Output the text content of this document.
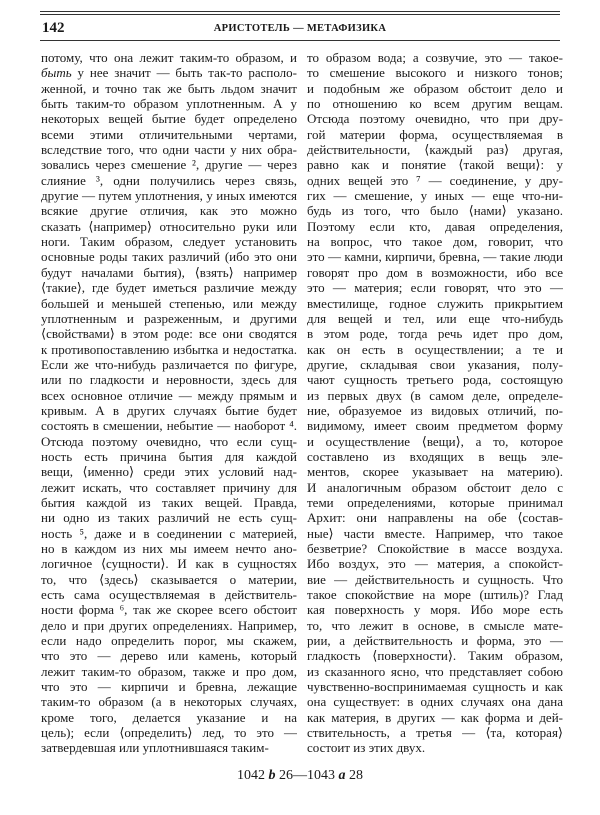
142	АРИСТОТЕЛЬ — МЕТАФИЗИКА
потому, что она лежит таким-то образом, и
быть у нее значит — быть так-то располо-
женной, и точно так же быть льдом значит
быть таким-то образом уплотненным. А у
некоторых вещей бытие будет определено
всеми этими отличительными чертами,
вследствие того, что одни части у них обра-
зовались через смешение ², другие — через
слияние ³, одни получились через связь,
другие — путем уплотнения, у иных имеются
всякие другие отличия, как это можно
сказать ⟨например⟩ относительно руки или
ноги. Таким образом, следует установить
основные роды таких различий (ибо это они
будут началами бытия), ⟨взять⟩ например
⟨такие⟩, где будет иметься различие между
большей и меньшей степенью, или между
уплотненным и разреженным, и другими
⟨свойствами⟩ в этом роде: все они сводятся
к противопоставлению избытка и недостатка.
Если же что-нибудь различается по фигуре,
или по гладкости и неровности, здесь для
всех основное отличие — между прямым и
кривым. А в других случаях бытие будет
состоять в смешении, небытие — наоборот ⁴.
Отсюда поэтому очевидно, что если сущ-
ность есть причина бытия для каждой
вещи, ⟨именно⟩ среди этих условий над-
лежит искать, что составляет причину для
бытия каждой из таких вещей. Правда,
ни одно из таких различий не есть сущ-
ность ⁵, даже и в соединении с материей,
но в каждом из них мы имеем нечто ано-
логичное ⟨сущности⟩. И как в сущностях
то, что ⟨здесь⟩ сказывается о материи,
есть сама осуществляемая в действитель-
ности форма ⁶, так же скорее всего обстоит
дело и при других определениях. Например,
если надо определить порог, мы скажем,
что это — дерево или камень, который
лежит таким-то образом, также и про дом,
что это — кирпичи и бревна, лежащие
таким-то образом (а в некоторых случаях,
кроме того, делается указание и на
цель); если ⟨определить⟩ лед, то это —
затвердевшая или уплотнившаяся таким-
то образом вода; а созвучие, это — такое-
то смешение высокого и низкого тонов;
и подобным же образом обстоит дело и
по отношению ко всем другим вещам.
Отсюда поэтому очевидно, что при дру-
гой материи форма, осуществляемая в
действительности, ⟨каждый раз⟩ другая,
равно как и понятие ⟨такой вещи⟩: у
одних вещей это ⁷ — соединение, у дру-
гих — смешение, у иных — еще что-ни-
будь из того, что было ⟨нами⟩ указано.
Поэтому если кто, давая определения,
на вопрос, что такое дом, говорит, что
это — камни, кирпичи, бревна, — такие люди
говорят про дом в возможности, ибо все
это — материя; если говорят, что это —
вместилище, годное служить прикрытием
для вещей и тел, или еще что-нибудь
в этом роде, тогда речь идет про дом,
как он есть в осуществлении; а те и
другие, складывая свои указания, полу-
чают сущность третьего рода, состоящую
из первых двух (в самом деле, определе-
ние, образуемое из видовых отличий, по-
видимому, имеет своим предметом форму
и осуществление ⟨вещи⟩, а то, которое
составлено из входящих в вещь эле-
ментов, скорее указывает на материю).
И аналогичным образом обстоит дело с
теми определениями, которые принимал
Архит: они направлены на обе ⟨состав-
ные⟩ части вместе. Например, что такое
безветрие? Спокойствие в массе воздуха.
Ибо воздух, это — материя, а спокойст-
вие — действительность и сущность. Что
такое спокойствие на море (штиль)? Глад
кая поверхность у моря. Ибо море есть
то, что лежит в основе, в смысле мате-
рии, а действительность и форма, это —
гладкость ⟨поверхности⟩. Таким образом,
из сказанного ясно, что представляет собою
чувственно-воспринимаемая сущность и как
она существует: в одних случаях она дана
как материя, в других — как форма и дей-
ствительность, а третья — ⟨та, которая⟩
состоит из этих двух.
1042 b 26—1043 a 28
